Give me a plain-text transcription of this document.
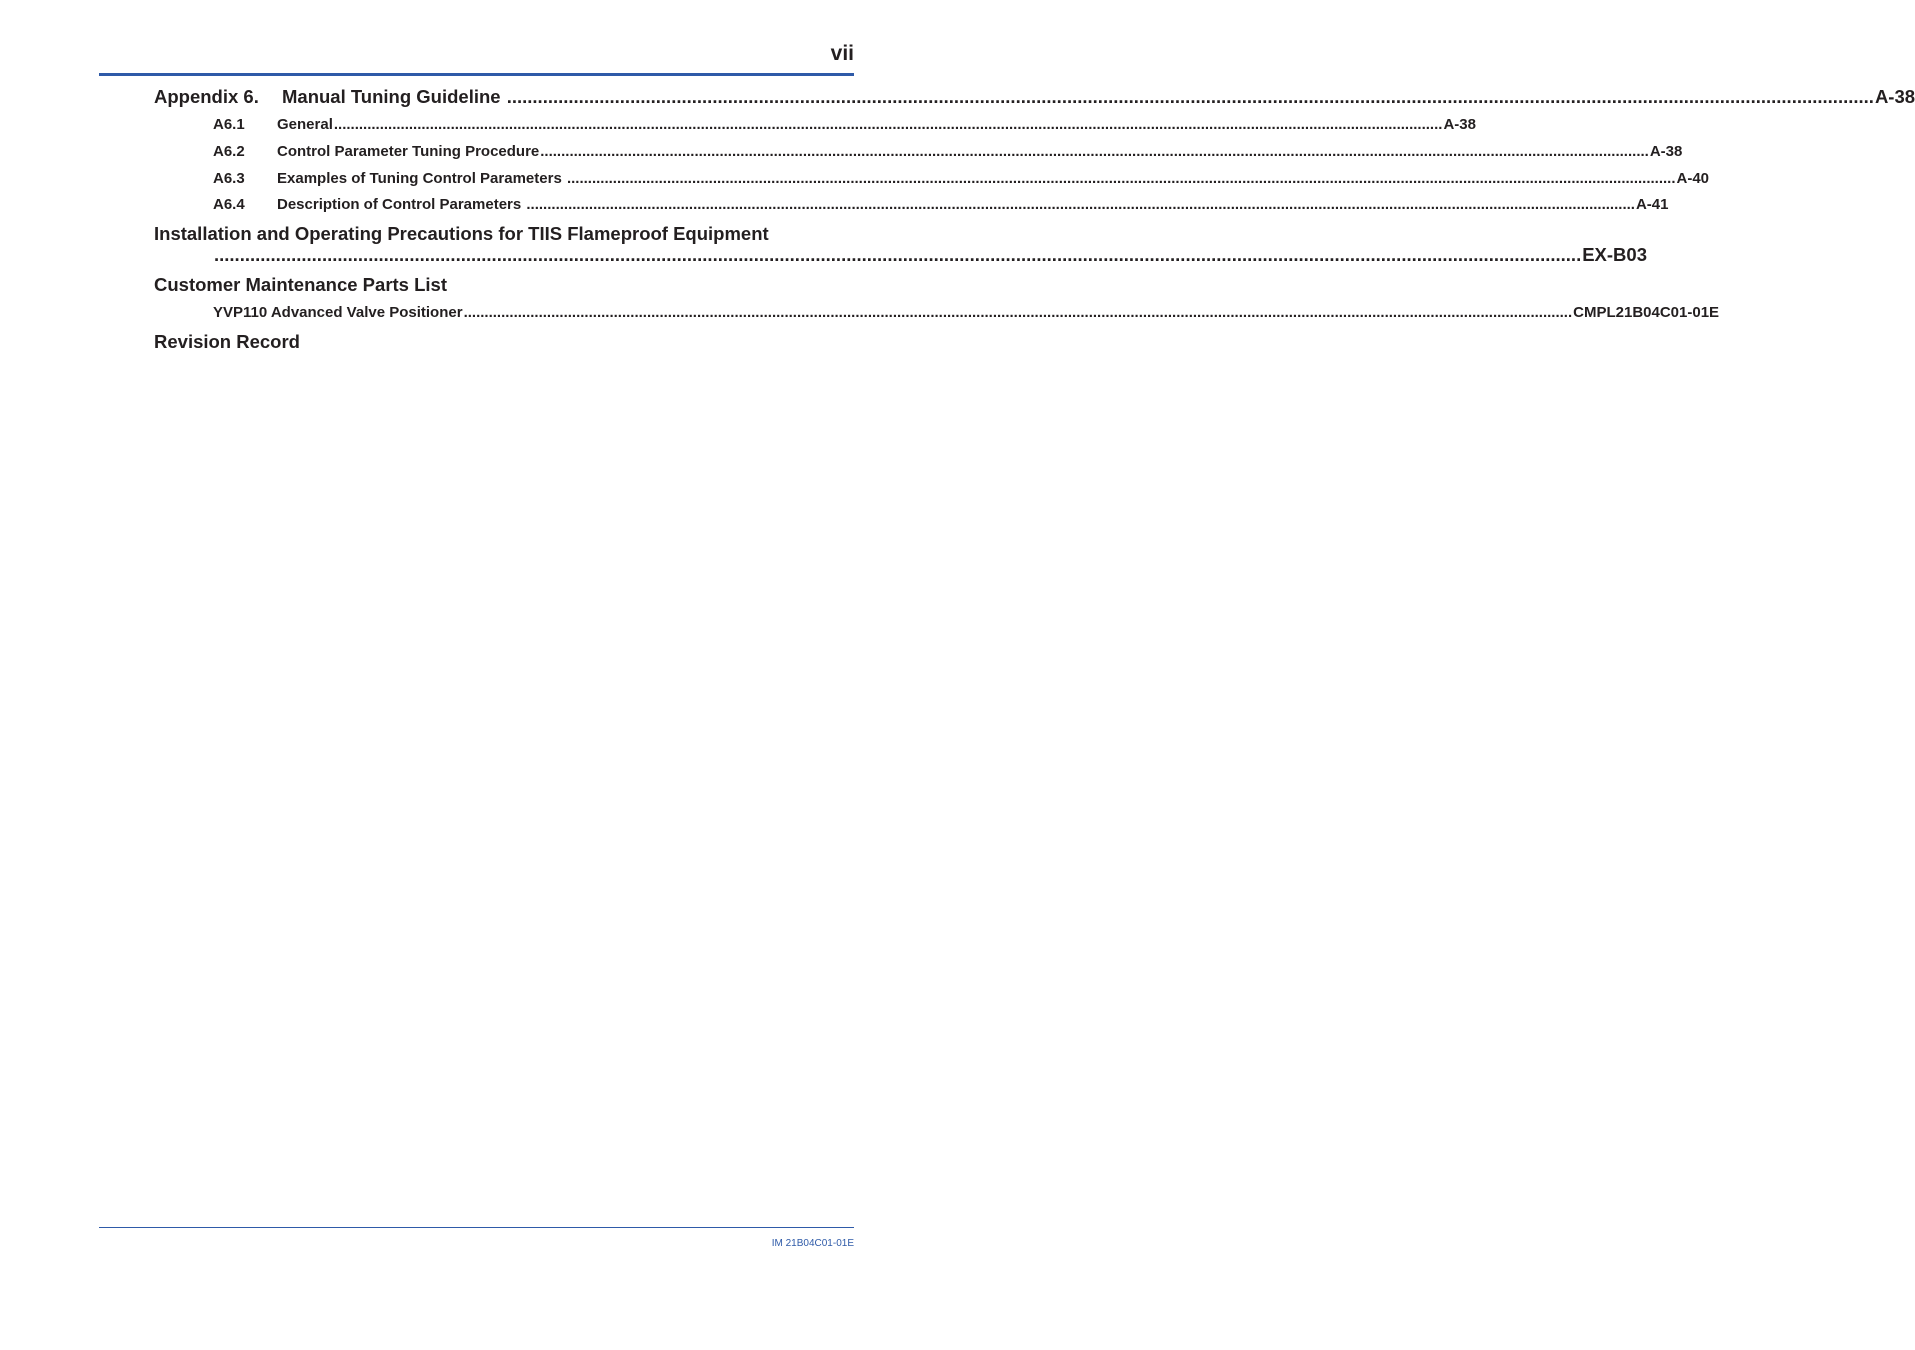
vii
Appendix 6. Manual Tuning Guideline .......................................................................................................................................................................................................................................................................... A-38
A6.1 General .......................................................................................................................................................................................................................................................................... A-38
A6.2 Control Parameter Tuning Procedure .......................................................................................................................................................................................................................................................................... A-38
A6.3 Examples of Tuning Control Parameters .......................................................................................................................................................................................................................................................................... A-40
A6.4 Description of Control Parameters .......................................................................................................................................................................................................................................................................... A-41
Installation and Operating Precautions for TIIS Flameproof Equipment
.......................................................................................................................................................................................................................................................................... EX-B03
Customer Maintenance Parts List
YVP110 Advanced Valve Positioner .......................................................................................................................................................................................................................................................................... CMPL21B04C01-01E
Revision Record
IM 21B04C01-01E
